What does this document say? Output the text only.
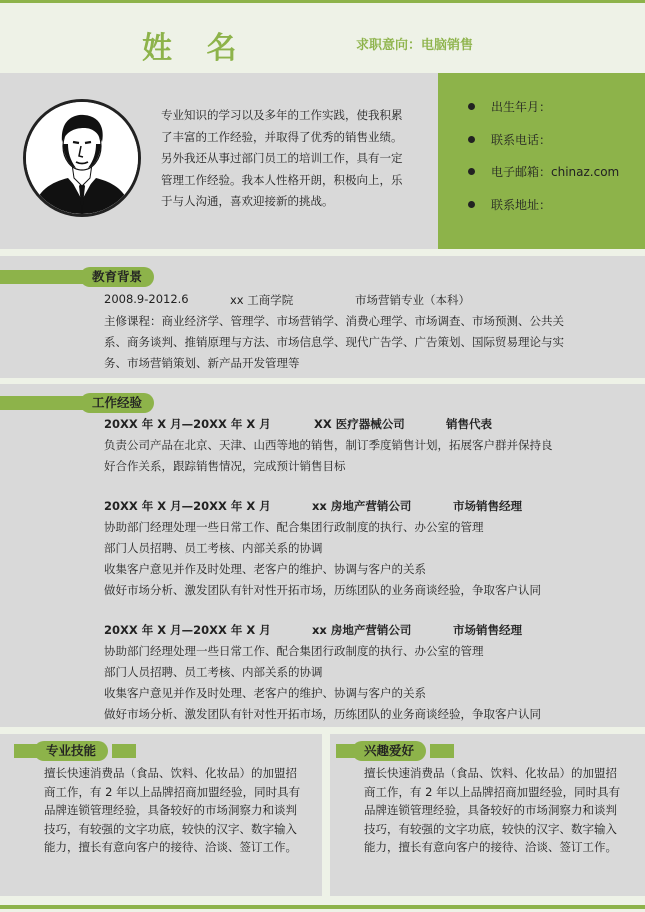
姓 名	求职意向：电脑销售
出生年月：
联系电话：
电子邮箱：chinaz.com
联系地址：
专业知识的学习以及多年的工作实践，使我积累
了丰富的工作经验，并取得了优秀的销售业绩。
另外我还从事过部门员工的培训工作，具有一定
管理工作经验。我本人性格开朗，积极向上，乐
于与人沟通，喜欢迎接新的挑战。
教育背景
2008.9-2012.6	xx 工商学院	市场营销专业（本科）
主修课程：商业经济学、管理学、市场营销学、消费心理学、市场调查、市场预测、公共关
系、商务谈判、推销原理与方法、市场信息学、现代广告学、广告策划、国际贸易理论与实
务、市场营销策划、新产品开发管理等
工作经验
20XX 年 X 月—20XX 年 X 月	XX 医疗器械公司	销售代表
负责公司产品在北京、天津、山西等地的销售，制订季度销售计划，拓展客户群并保持良
好合作关系，跟踪销售情况，完成预计销售目标
20XX 年 X 月—20XX 年 X 月	xx 房地产营销公司	市场销售经理
协助部门经理处理一些日常工作、配合集团行政制度的执行、办公室的管理
部门人员招聘、员工考核、内部关系的协调
收集客户意见并作及时处理、老客户的维护、协调与客户的关系
做好市场分析、激发团队有针对性开拓市场，历练团队的业务商谈经验，争取客户认同
20XX 年 X 月—20XX 年 X 月	xx 房地产营销公司	市场销售经理
协助部门经理处理一些日常工作、配合集团行政制度的执行、办公室的管理
部门人员招聘、员工考核、内部关系的协调
收集客户意见并作及时处理、老客户的维护、协调与客户的关系
做好市场分析、激发团队有针对性开拓市场，历练团队的业务商谈经验，争取客户认同
专业技能
擅长快速消费品（食品、饮料、化妆品）的加盟招
商工作，有 2 年以上品牌招商加盟经验，同时具有
品牌连锁管理经验，具备较好的市场洞察力和谈判
技巧，有较强的文字功底，较快的汉字、数字输入
能力，擅长有意向客户的接待、洽谈、签订工作。
兴趣爱好
擅长快速消费品（食品、饮料、化妆品）的加盟招
商工作，有 2 年以上品牌招商加盟经验，同时具有
品牌连锁管理经验，具备较好的市场洞察力和谈判
技巧，有较强的文字功底，较快的汉字、数字输入
能力，擅长有意向客户的接待、洽谈、签订工作。
